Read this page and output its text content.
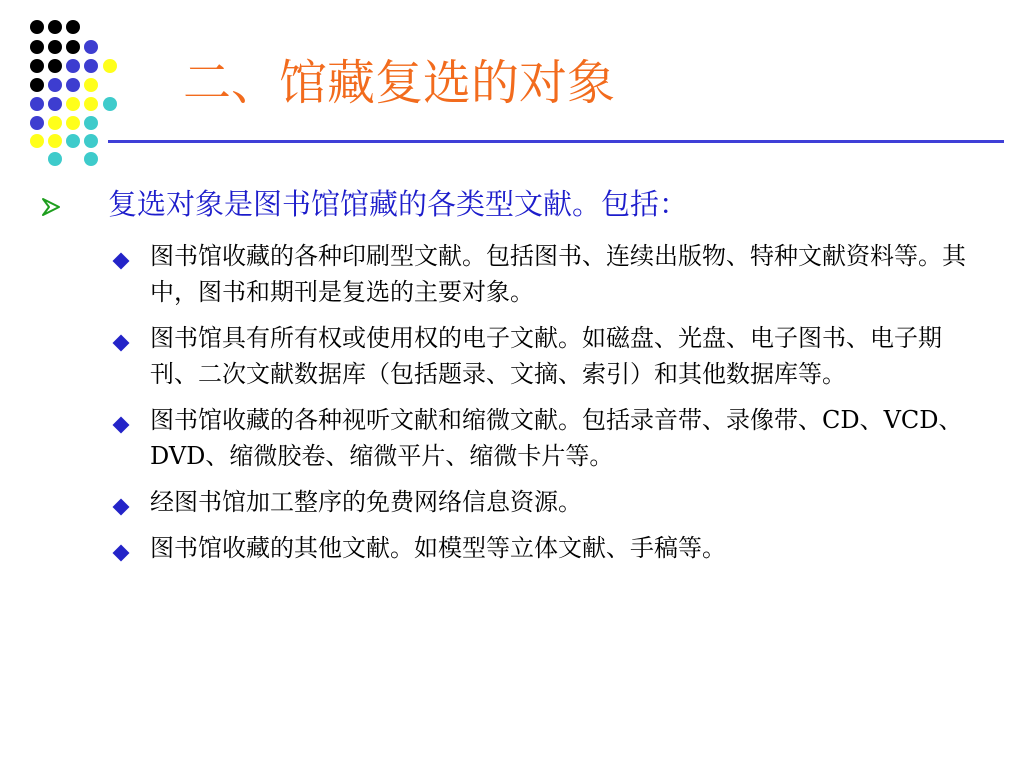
二、馆藏复选的对象
复选对象是图书馆馆藏的各类型文献。包括：
图书馆收藏的各种印刷型文献。包括图书、连续出版物、特种文献资料等。其中，图书和期刊是复选的主要对象。
图书馆具有所有权或使用权的电子文献。如磁盘、光盘、电子图书、电子期刊、二次文献数据库（包括题录、文摘、索引）和其他数据库等。
图书馆收藏的各种视听文献和缩微文献。包括录音带、录像带、CD、VCD、DVD、缩微胶卷、缩微平片、缩微卡片等。
经图书馆加工整序的免费网络信息资源。
图书馆收藏的其他文献。如模型等立体文献、手稿等。
